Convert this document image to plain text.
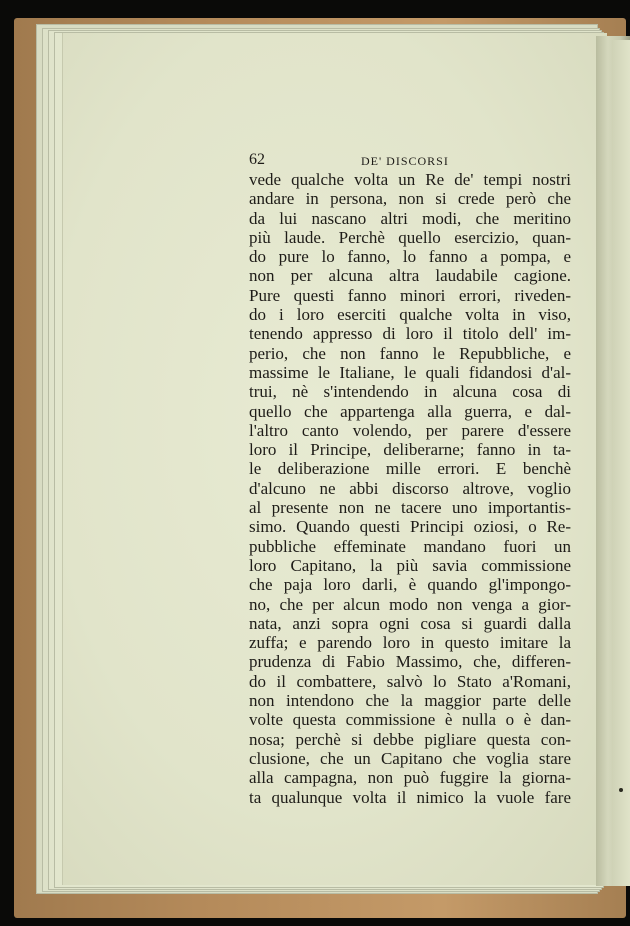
62	DE' DISCORSI
vede qualche volta un Re de' tempi nostri
andare in persona, non si crede però che
da lui nascano altri modi, che meritino
più laude. Perchè quello esercizio, quan-
do pure lo fanno, lo fanno a pompa, e
non per alcuna altra laudabile cagione.
Pure questi fanno minori errori, riveden-
do i loro eserciti qualche volta in viso,
tenendo appresso di loro il titolo dell' im-
perio, che non fanno le Repubbliche, e
massime le Italiane, le quali fidandosi d'al-
trui, nè s'intendendo in alcuna cosa di
quello che appartenga alla guerra, e dal-
l'altro canto volendo, per parere d'essere
loro il Principe, deliberarne; fanno in ta-
le deliberazione mille errori. E benchè
d'alcuno ne abbi discorso altrove, voglio
al presente non ne tacere uno importantis-
simo. Quando questi Principi oziosi, o Re-
pubbliche effeminate mandano fuori un
loro Capitano, la più savia commissione
che paja loro darli, è quando gl'impongo-
no, che per alcun modo non venga a gior-
nata, anzi sopra ogni cosa si guardi dalla
zuffa; e parendo loro in questo imitare la
prudenza di Fabio Massimo, che, differen-
do il combattere, salvò lo Stato a'Romani,
non intendono che la maggior parte delle
volte questa commissione è nulla o è dan-
nosa; perchè si debbe pigliare questa con-
clusione, che un Capitano che voglia stare
alla campagna, non può fuggire la giorna-
ta qualunque volta il nimico la vuole fare
